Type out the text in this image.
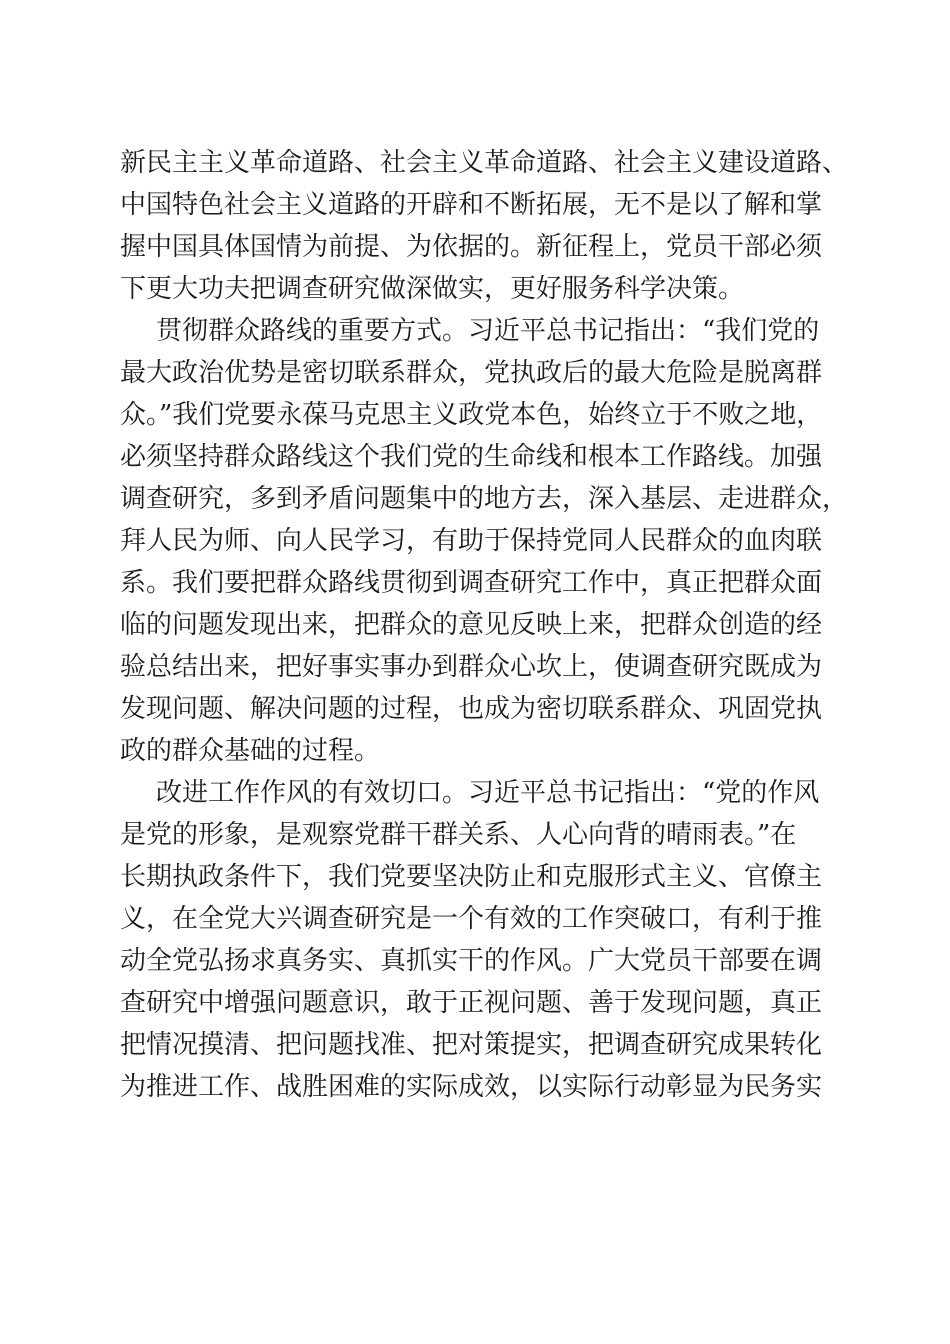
新民主主义革命道路、社会主义革命道路、社会主义建设道路、
中国特色社会主义道路的开辟和不断拓展，无不是以了解和掌
握中国具体国情为前提、为依据的。新征程上，党员干部必须
下更大功夫把调查研究做深做实，更好服务科学决策。
贯彻群众路线的重要方式。习近平总书记指出：“我们党的
最大政治优势是密切联系群众，党执政后的最大危险是脱离群
众。”我们党要永葆马克思主义政党本色，始终立于不败之地，
必须坚持群众路线这个我们党的生命线和根本工作路线。加强
调查研究，多到矛盾问题集中的地方去，深入基层、走进群众，
拜人民为师、向人民学习，有助于保持党同人民群众的血肉联
系。我们要把群众路线贯彻到调查研究工作中，真正把群众面
临的问题发现出来，把群众的意见反映上来，把群众创造的经
验总结出来，把好事实事办到群众心坎上，使调查研究既成为
发现问题、解决问题的过程，也成为密切联系群众、巩固党执
政的群众基础的过程。
改进工作作风的有效切口。习近平总书记指出：“党的作风
是党的形象，是观察党群干群关系、人心向背的晴雨表。”在
长期执政条件下，我们党要坚决防止和克服形式主义、官僚主
义，在全党大兴调查研究是一个有效的工作突破口，有利于推
动全党弘扬求真务实、真抓实干的作风。广大党员干部要在调
查研究中增强问题意识，敢于正视问题、善于发现问题，真正
把情况摸清、把问题找准、把对策提实，把调查研究成果转化
为推进工作、战胜困难的实际成效，以实际行动彰显为民务实
